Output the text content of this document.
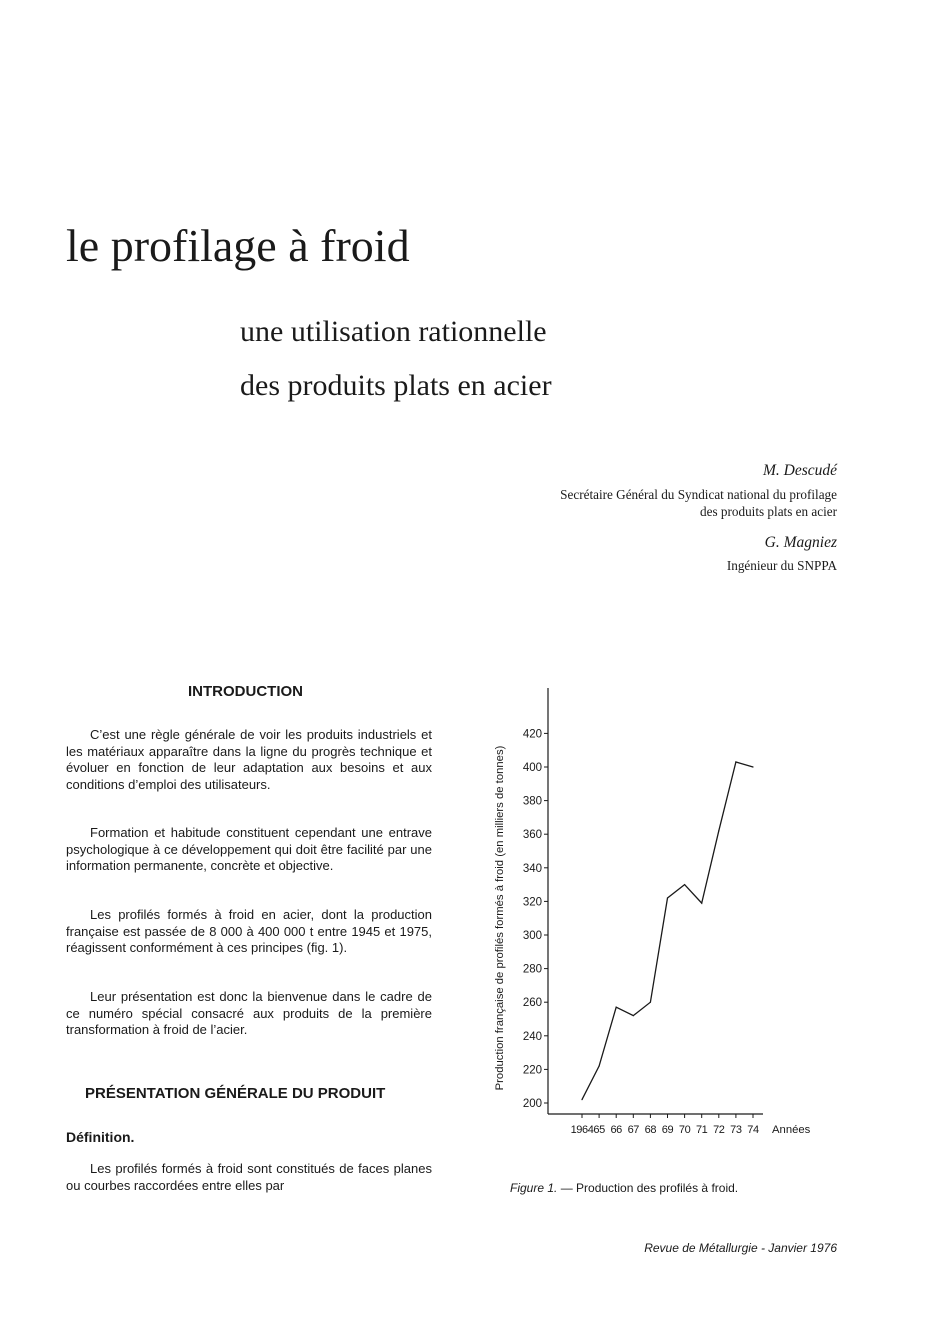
le profilage à froid
une utilisation rationnelle
des produits plats en acier
M. Descudé
Secrétaire Général du Syndicat national du profilage
des produits plats en acier
G. Magniez
Ingénieur du SNPPA
INTRODUCTION

C’est une règle générale de voir les produits industriels et les matériaux apparaître dans la ligne du progrès technique et évoluer en fonction de leur adaptation aux besoins et aux conditions d’emploi des utilisateurs.

Formation et habitude constituent cependant une entrave psychologique à ce développement qui doit être facilité par une information permanente, concrète et objective.

Les profilés formés à froid en acier, dont la production française est passée de 8 000 à 400 000 t entre 1945 et 1975, réagissent conformément à ces principes (fig. 1).

Leur présentation est donc la bienvenue dans le cadre de ce numéro spécial consacré aux produits de la première transformation à froid de l’acier.

PRÉSENTATION GÉNÉRALE DU PRODUIT
Définition.

Les profilés formés à froid sont constitués de faces planes ou courbes raccordées entre elles par

200
220
240
260
280
300
320
340
360
380
400
420
1964 65 66 67 68 69 70 71 72 73 74
Production française de profilés formés à froid (en milliers de tonnes)
Années
Figure 1. — Production des profilés à froid.
Revue de Métallurgie - Janvier 1976
